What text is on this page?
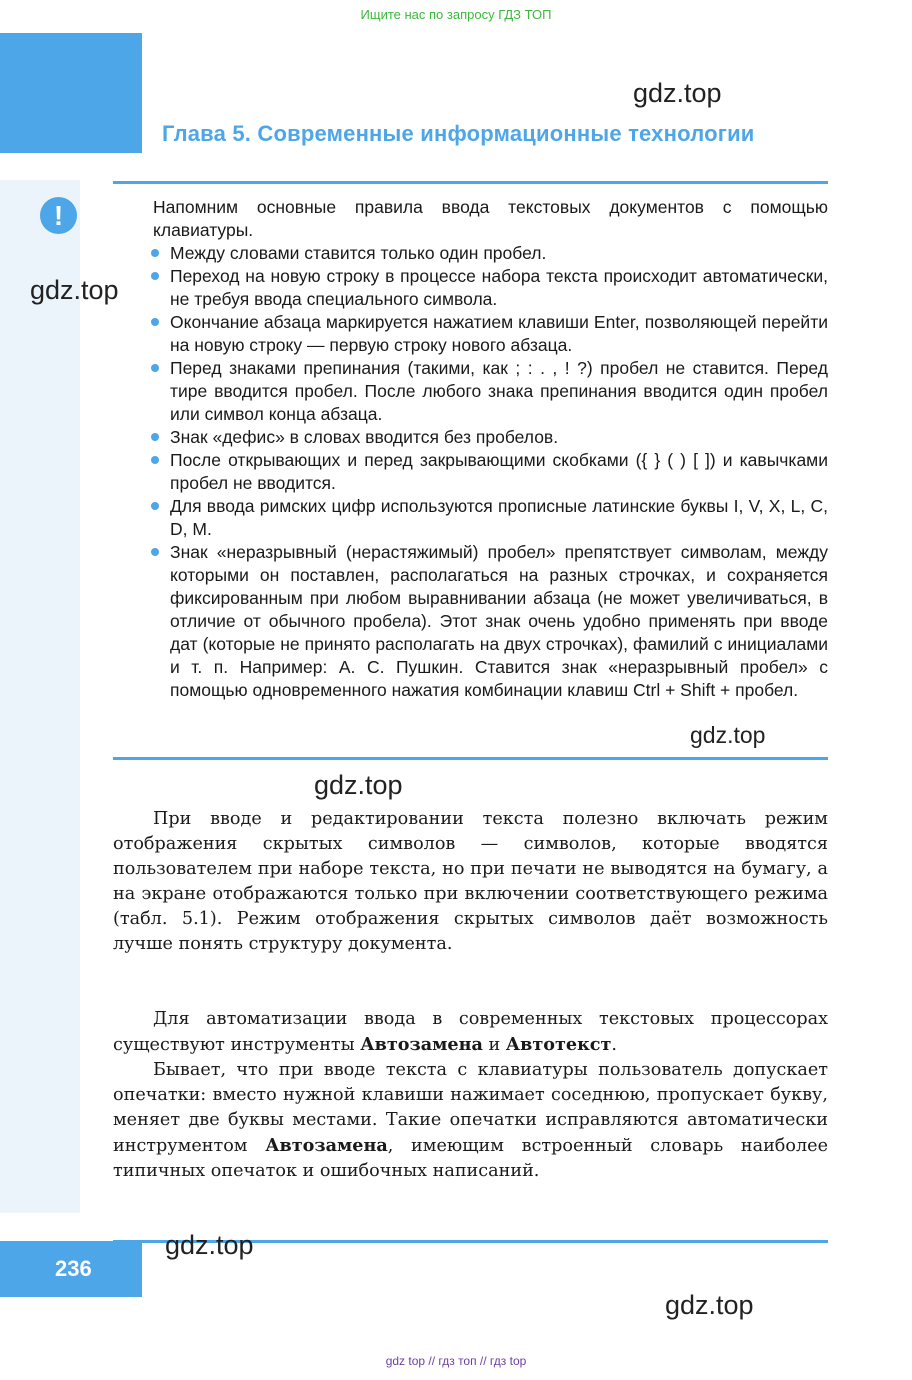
Ищите нас по запросу ГДЗ ТОП
Глава 5. Современные информационные технологии
!	Напомним основные правила ввода текстовых документов с помощью клавиатуры.

Между словами ставится только один пробел.
Переход на новую строку в процессе набора текста происходит автоматически, не требуя ввода специального символа.
Окончание абзаца маркируется нажатием клавиши Enter, позволяющей перейти на новую строку — первую строку нового абзаца.
Перед знаками препинания (такими, как ; : . , ! ?) пробел не ставится. Перед тире вводится пробел. После любого знака препинания вводится один пробел или символ конца абзаца.
Знак «дефис» в словах вводится без пробелов.
После открывающих и перед закрывающими скобками ({ } ( ) [ ]) и кавычками пробел не вводится.
Для ввода римских цифр используются прописные латинские буквы I, V, X, L, C, D, M.
Знак «неразрывный (нерастяжимый) пробел» препятствует символам, между которыми он поставлен, располагаться на разных строчках, и сохраняется фиксированным при любом выравнивании абзаца (не может увеличиваться, в отличие от обычного пробела). Этот знак очень удобно применять при вводе дат (которые не принято располагать на двух строчках), фамилий с инициалами и т. п. Например: А. С. Пушкин. Ставится знак «неразрывный пробел» с помощью одновременного нажатия комбинации клавиш Ctrl + Shift + пробел.

При вводе и редактировании текста полезно включать режим отображения скрытых символов — символов, которые вводятся пользователем при наборе текста, но при печати не выводятся на бумагу, а на экране отображаются только при включении соответствующего режима (табл. 5.1). Режим отображения скрытых символов даёт возможность лучше понять структуру документа.

Для автоматизации ввода в современных текстовых процессорах существуют инструменты Автозамена и Автотекст.

Бывает, что при вводе текста с клавиатуры пользователь допускает опечатки: вместо нужной клавиши нажимает соседнюю, пропускает букву, меняет две буквы местами. Такие опечатки исправляются автоматически инструментом Автозамена, имеющим встроенный словарь наиболее типичных опечаток и ошибочных написаний.

236
gdz.top
gdz.top
gdz.top
gdz.top
gdz.top
gdz.top
gdz top // гдз топ // гдз top
